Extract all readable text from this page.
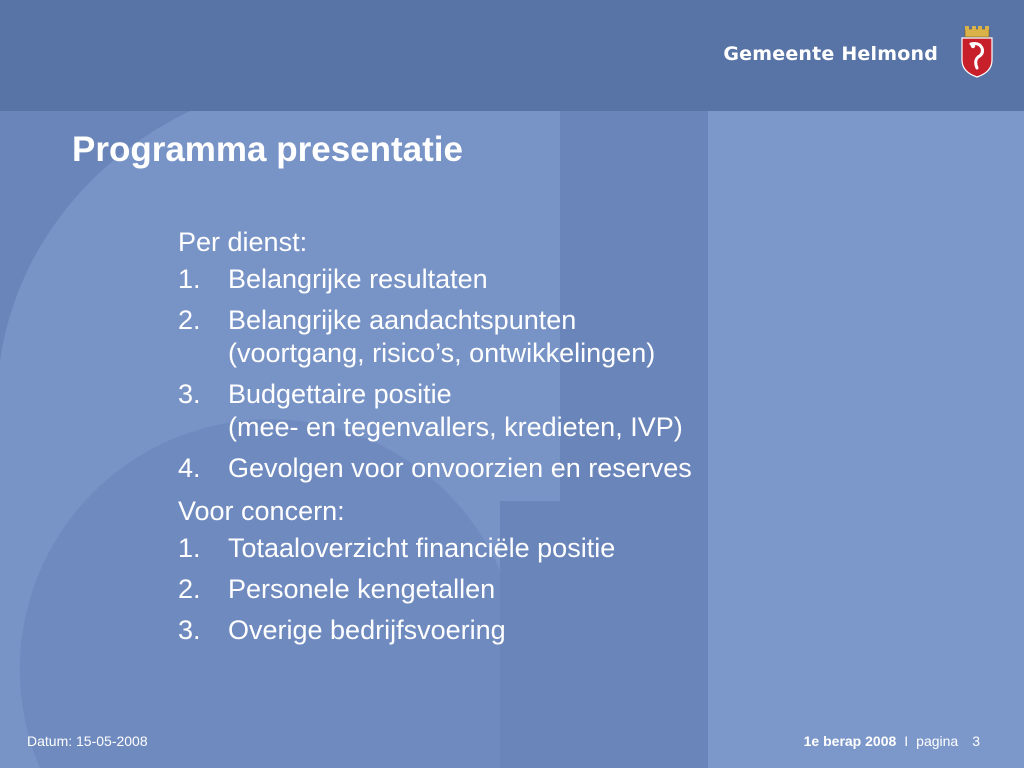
Gemeente Helmond
Programma presentatie

Per dienst:

1. Belangrijke resultaten
2. Belangrijke aandachtspunten
(voortgang, risico’s, ontwikkelingen)
3. Budgettaire positie
(mee- en tegenvallers, kredieten, IVP)
4. Gevolgen voor onvoorzien en reserves

Voor concern:

1. Totaaloverzicht financiële positie
2. Personele kengetallen
3. Overige bedrijfsvoering
Datum: 15-05-2008	1e berap 2008 I pagina 3
